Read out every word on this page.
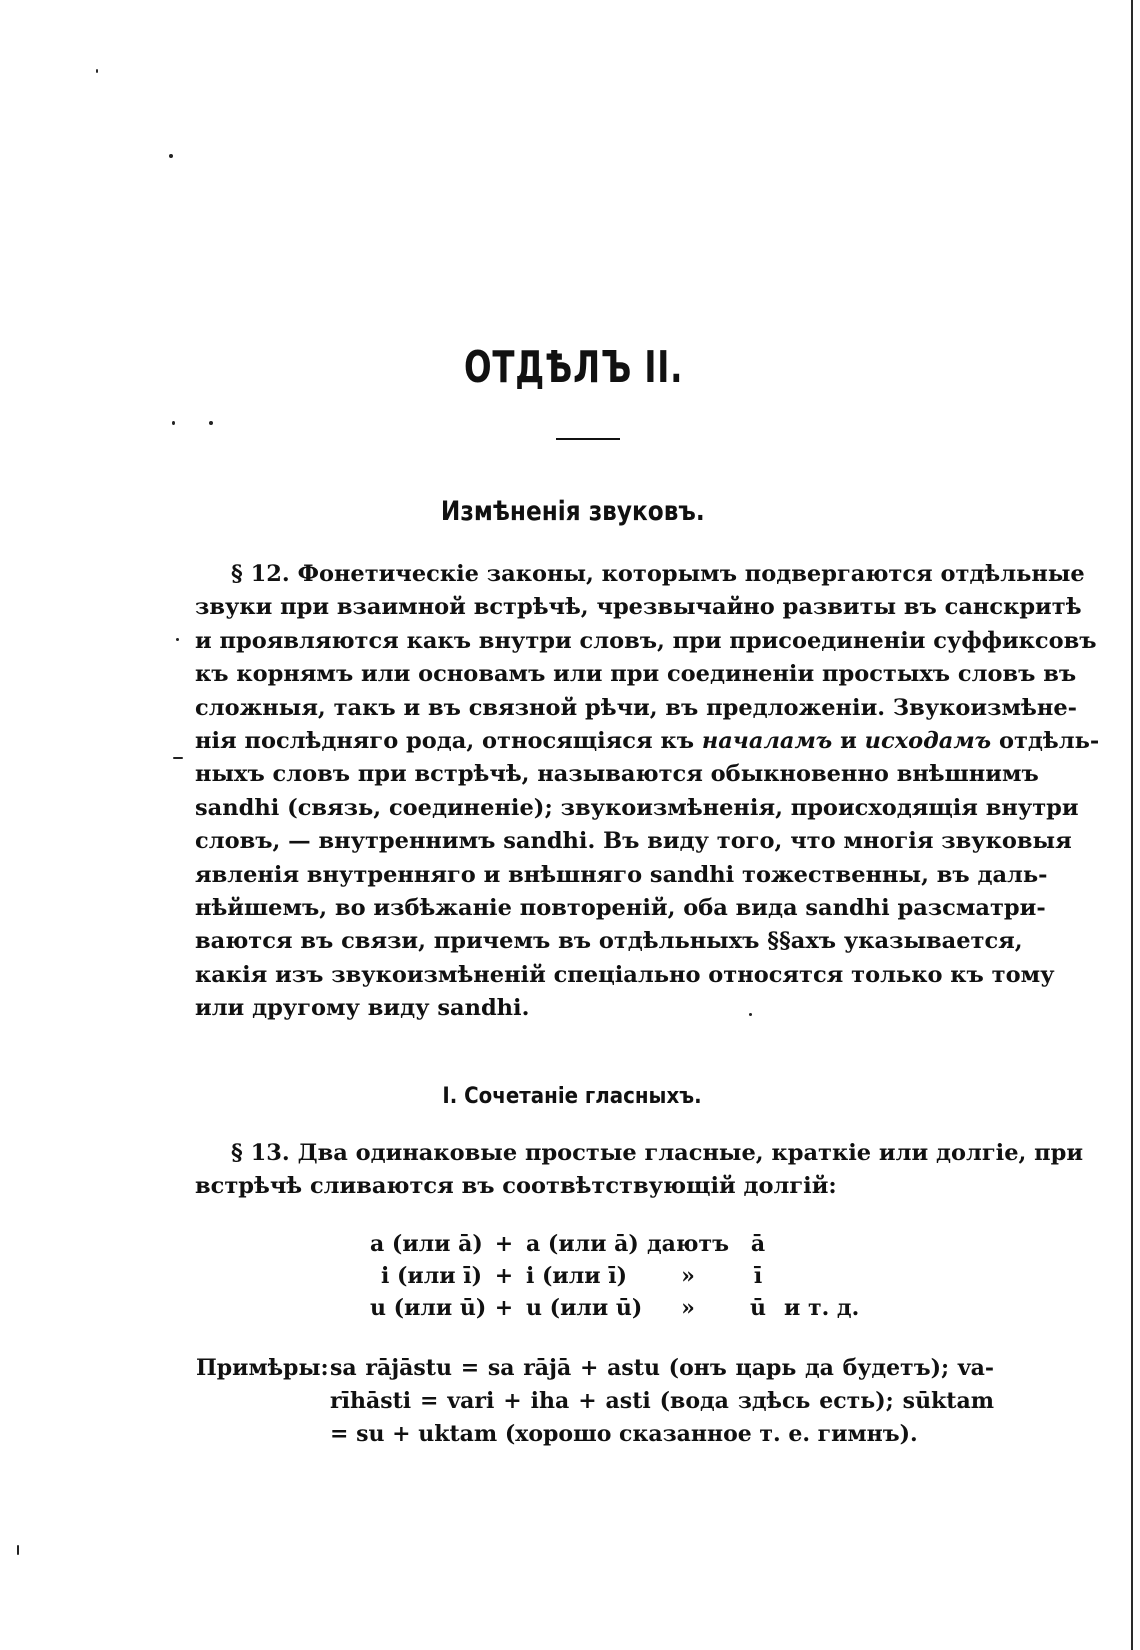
ОТДѢЛЪ II.
Измѣненія звуковъ.
§ 12. Фонетическіе законы, которымъ подвергаются отдѣльные
звуки при взаимной встрѣчѣ, чрезвычайно развиты въ санскритѣ
и проявляются какъ внутри словъ, при присоединеніи суффиксовъ
къ корнямъ или основамъ или при соединеніи простыхъ словъ въ
сложныя, такъ и въ связной рѣчи, въ предложеніи. Звукоизмѣне-
нія послѣдняго рода, относящіяся къ началамъ и исходамъ отдѣль-
ныхъ словъ при встрѣчѣ, называются обыкновенно внѣшнимъ
sandhi (связь, соединеніе); звукоизмѣненія, происходящія внутри
словъ, — внутреннимъ sandhi. Въ виду того, что многія звуковыя
явленія внутренняго и внѣшняго sandhi тожественны, въ даль-
нѣйшемъ, во избѣжаніе повтореній, оба вида sandhi разсматри-
ваются въ связи, причемъ въ отдѣльныхъ §§ахъ указывается,
какія изъ звукоизмѣненій спеціально относятся только къ тому
или другому виду sandhi.
I. Сочетаніе гласныхъ.
§ 13. Два одинаковые простые гласные, краткіе или долгіе, при
встрѣчѣ сливаются въ соотвѣтствующій долгій:
a (или ā) + a (или ā) даютъ ā
i (или ī) + i (или ī)	»	ī
u (или ū) + u (или ū)	»	ū и т. д.
Примѣры: sa rājāstu = sa rājā + astu (онъ царь да будетъ); va-
rīhāsti = vari + iha + asti (вода здѣсь есть); sūktam
= su + uktam (хорошо сказанное т. е. гимнъ).
